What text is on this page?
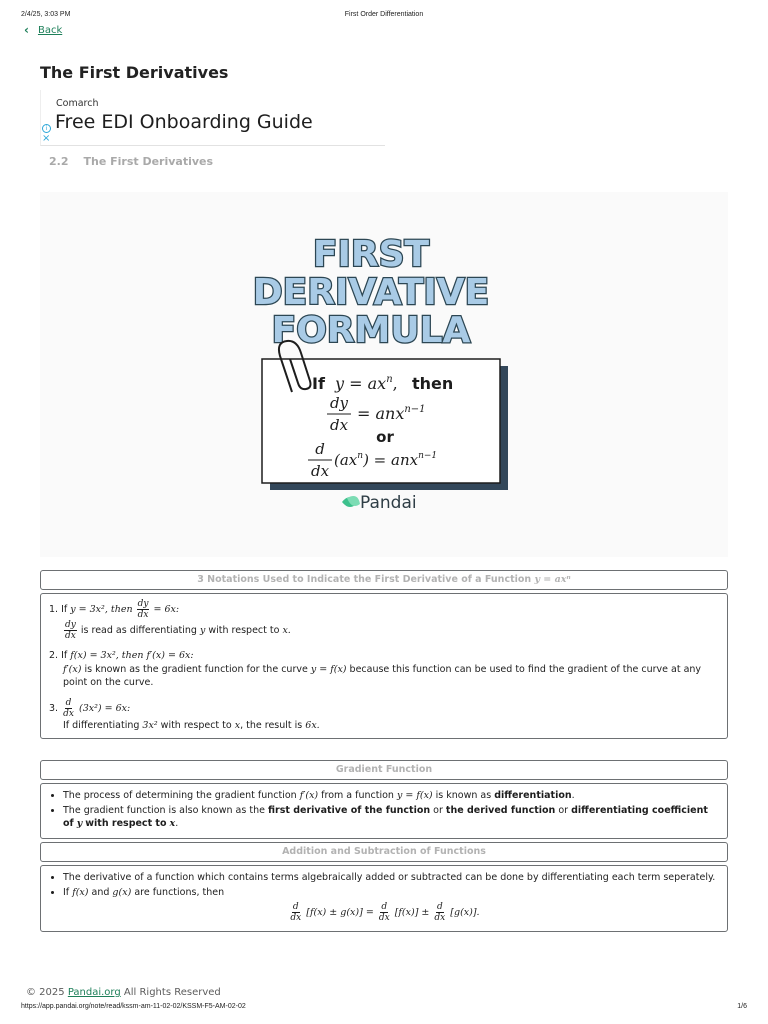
2/4/25, 3:03 PM	First Order Differentiation
‹ Back
The First Derivatives
Comarch
Free EDI Onboarding Guide
i
×
2.2 The First Derivatives
FIRST
DERIVATIVE
FORMULA
If $y = ax^n$, then
dy
dx
= anx$^{n-1}$
or
d
dx
$(ax^n) = anx^{n-1}$
Pandai
3 Notations Used to Indicate the First Derivative of a Function y = axⁿ
1. If y = 3x², then $\frac{dy}{dx} = 6x$:
$\frac{dy}{dx}$ is read as differentiating y with respect to x.
2. If f(x) = 3x², then f′(x) = 6x:
f′(x) is known as the gradient function for the curve y = f(x) because this function can be used to find the gradient of the curve at any point on the curve.
3. $\frac{d}{dx} (3x^2) = 6x$:
If differentiating 3x² with respect to x, the result is 6x.
Gradient Function
• The process of determining the gradient function f′(x) from a function y = f(x) is known as differentiation.
• The gradient function is also known as the first derivative of the function or the derived function or differentiating coefficient of y with respect to x.
Addition and Subtraction of Functions
• The derivative of a function which contains terms algebraically added or subtracted can be done by differentiating each term seperately.
• If f(x) and g(x) are functions, then
$\frac{d}{dx} [f(x) \pm g(x)] = \frac{d}{dx} [f(x)] \pm \frac{d}{dx} [g(x)]$.
© 2025 Pandai.org All Rights Reserved
https://app.pandai.org/note/read/kssm-am-11-02-02/KSSM-F5-AM-02-02	1/6
